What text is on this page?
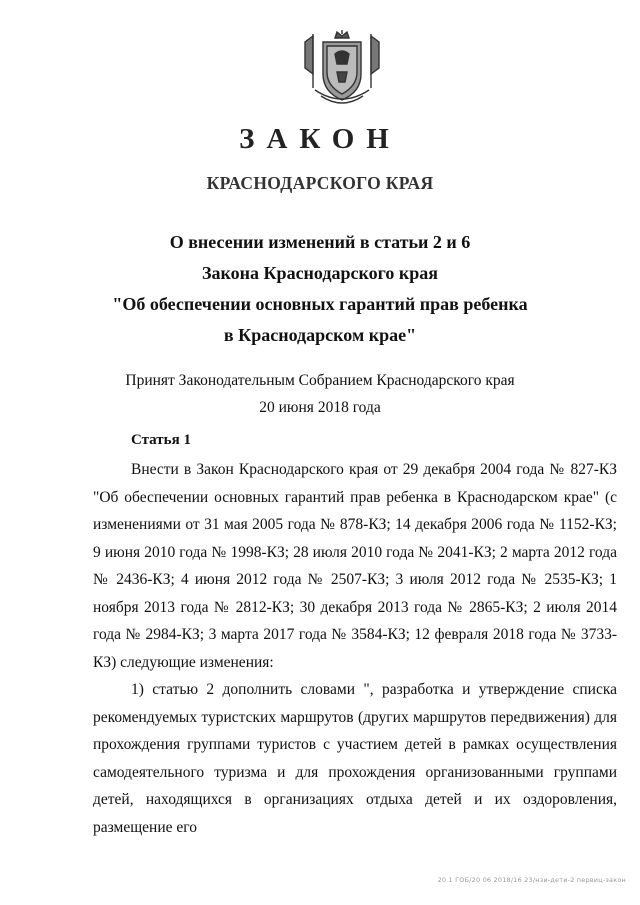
ЗАКОН
КРАСНОДАРСКОГО КРАЯ
О внесении изменений в статьи 2 и 6
Закона Краснодарского края
"Об обеспечении основных гарантий прав ребенка
в Краснодарском крае"
Принят Законодательным Собранием Краснодарского края
20 июня 2018 года
Статья 1

Внести в Закон Краснодарского края от 29 декабря 2004 года № 827-КЗ "Об обеспечении основных гарантий прав ребенка в Краснодарском крае" (с изменениями от 31 мая 2005 года № 878-КЗ; 14 декабря 2006 года № 1152-КЗ; 9 июня 2010 года № 1998-КЗ; 28 июля 2010 года № 2041-КЗ; 2 марта 2012 года № 2436-КЗ; 4 июня 2012 года № 2507-КЗ; 3 июля 2012 года № 2535-КЗ; 1 ноября 2013 года № 2812-КЗ; 30 декабря 2013 года № 2865-КЗ; 2 июля 2014 года № 2984-КЗ; 3 марта 2017 года № 3584-КЗ; 12 февраля 2018 года № 3733-КЗ) следующие изменения:

1) статью 2 дополнить словами ", разработка и утверждение списка рекомендуемых туристских маршрутов (других маршрутов передвижения) для прохождения группами туристов с участием детей в рамках осуществления самодеятельного туризма и для прохождения организованными группами детей, находящихся в организациях отдыха детей и их оздоровления, размещение его

20 1 ГОБ/20 06 2018/16 23/нзи-дети-2 первиц-закон
